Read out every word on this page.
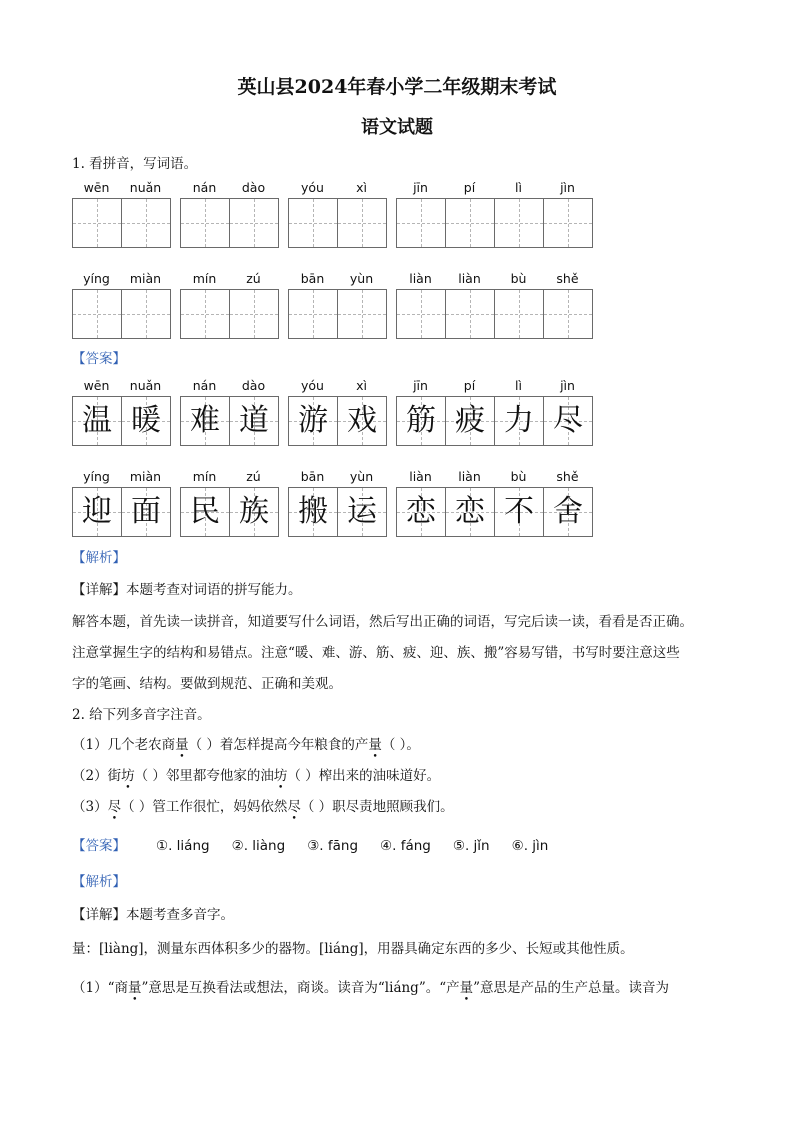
英山县2024年春小学二年级期末考试
语文试题
1. 看拼音，写词语。
wēn	nuǎn	nán	dào	yóu	xì	jīn	pí	lì	jìn
yíng	miàn	mín	zú	bān	yùn	liàn	liàn	bù	shě
【答案】
wēn	nuǎn
温 暖
nán	dào
难 道
yóu	xì
游 戏
jīn	pí	lì	jìn
筋 疲 力 尽
yíng	miàn
迎 面
mín	zú
民 族
bān	yùn
搬 运
liàn	liàn	bù	shě
恋 恋 不 舍
【解析】
【详解】本题考查对词语的拼写能力。
解答本题，首先读一读拼音，知道要写什么词语，然后写出正确的词语，写完后读一读，看看是否正确。
注意掌握生字的结构和易错点。注意“暖、难、游、筋、疲、迎、族、搬”容易写错，书写时要注意这些
字的笔画、结构。要做到规范、正确和美观。
2. 给下列多音字注音。
（1）几个老农商量（ ）着怎样提高今年粮食的产量（ ）。
（2）街坊（ ）邻里都夸他家的油坊（ ）榨出来的油味道好。
（3）尽（ ）管工作很忙，妈妈依然尽（ ）职尽责地照顾我们。
【答案】 ①. liáng ②. liàng ③. fāng ④. fáng ⑤. jǐn ⑥. jìn
【解析】
【详解】本题考查多音字。
量：[liàng]，测量东西体积多少的器物。[liáng]，用器具确定东西的多少、长短或其他性质。
（1）“商量”意思是互换看法或想法，商谈。读音为“liáng”。“产量”意思是产品的生产总量。读音为
